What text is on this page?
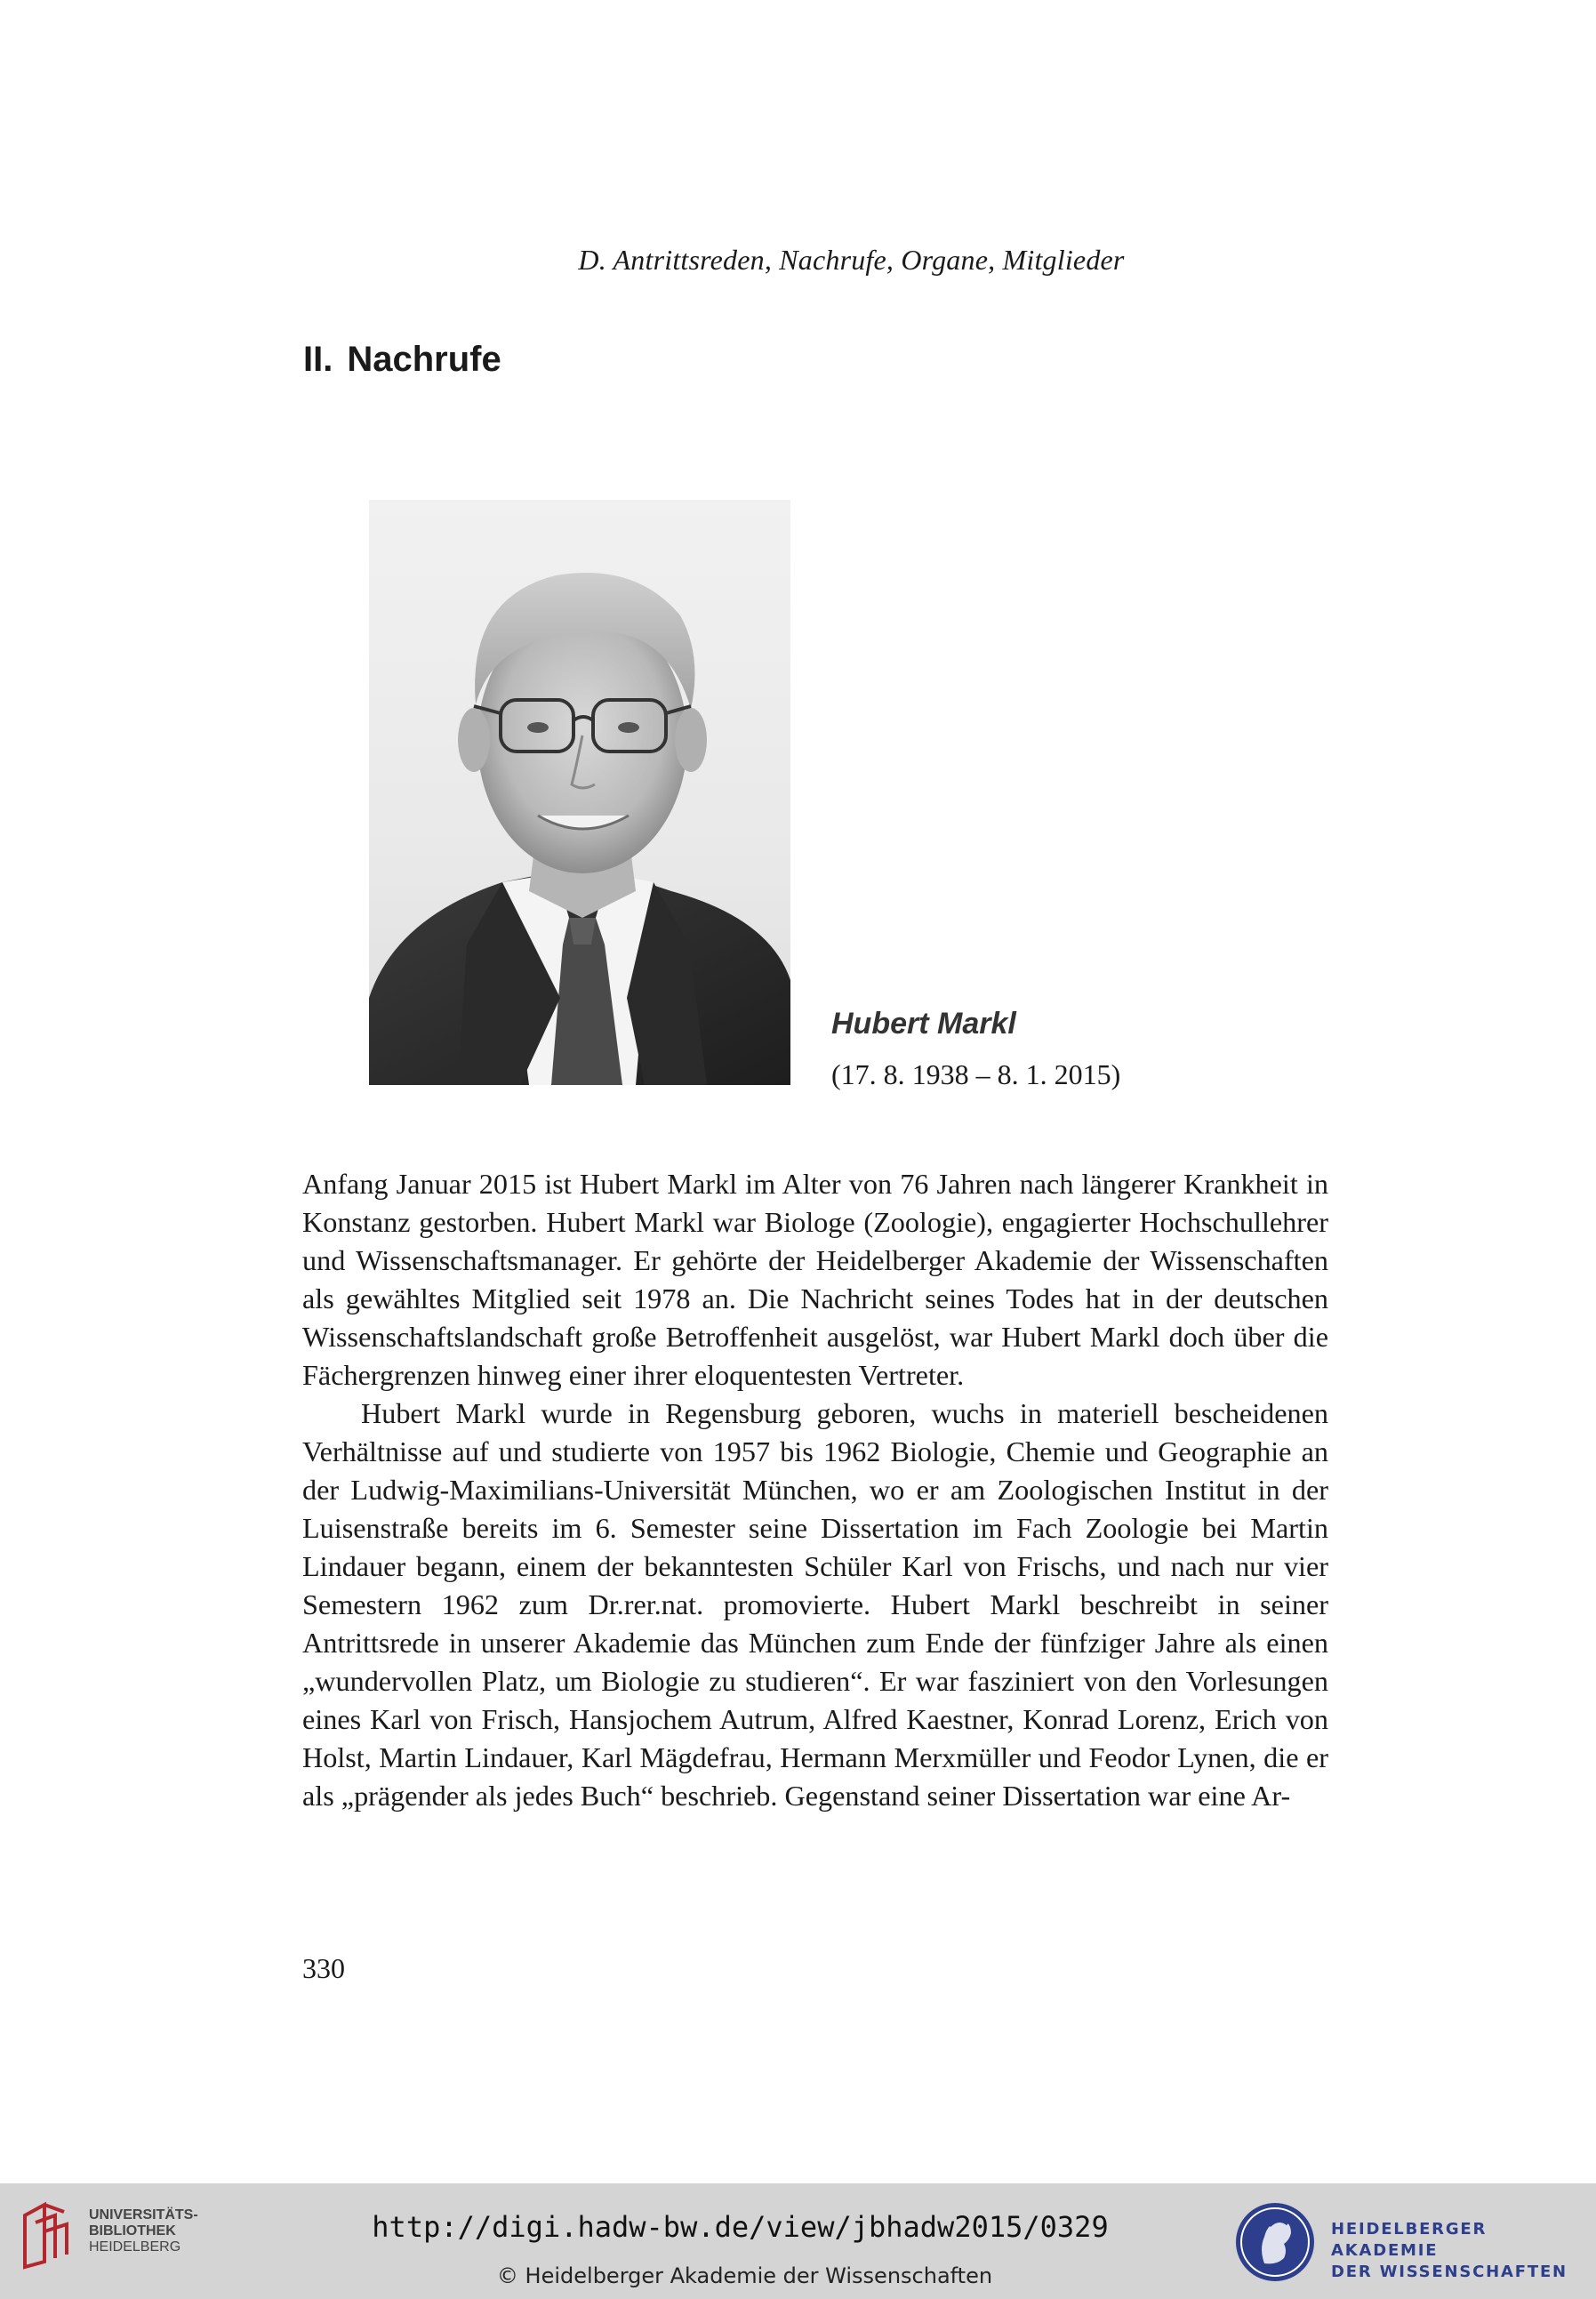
D. Antrittsreden, Nachrufe, Organe, Mitglieder
II. Nachrufe
Hubert Markl
(17. 8. 1938 – 8. 1. 2015)

Anfang Januar 2015 ist Hubert Markl im Alter von 76 Jahren nach längerer Krankheit in Konstanz gestorben. Hubert Markl war Biologe (Zoologie), engagierter Hochschullehrer und Wissenschaftsmanager. Er gehörte der Heidelberger Akademie der Wissenschaften als gewähltes Mitglied seit 1978 an. Die Nachricht seines Todes hat in der deutschen Wissenschaftslandschaft große Betroffenheit ausgelöst, war Hubert Markl doch über die Fächergrenzen hinweg einer ihrer eloquentesten Vertreter.

Hubert Markl wurde in Regensburg geboren, wuchs in materiell bescheidenen Verhältnisse auf und studierte von 1957 bis 1962 Biologie, Chemie und Geographie an der Ludwig-Maximilians-Universität München, wo er am Zoologischen Institut in der Luisenstraße bereits im 6. Semester seine Dissertation im Fach Zoologie bei Martin Lindauer begann, einem der bekanntesten Schüler Karl von Frischs, und nach nur vier Semestern 1962 zum Dr.rer.nat. promovierte. Hubert Markl beschreibt in seiner Antrittsrede in unserer Akademie das München zum Ende der fünfziger Jahre als einen „wundervollen Platz, um Biologie zu studieren“. Er war fasziniert von den Vorlesungen eines Karl von Frisch, Hansjochem Autrum, Alfred Kaestner, Konrad Lorenz, Erich von Holst, Martin Lindauer, Karl Mägdefrau, Hermann Merxmüller und Feodor Lynen, die er als „prägender als jedes Buch“ beschrieb. Gegenstand seiner Dissertation war eine Ar-

330
UNIVERSITÄTS-
BIBLIOTHEK
HEIDELBERG
http://digi.hadw-bw.de/view/jbhadw2015/0329
© Heidelberger Akademie der Wissenschaften
HEIDELBERGER AKADEMIE
DER WISSENSCHAFTEN
